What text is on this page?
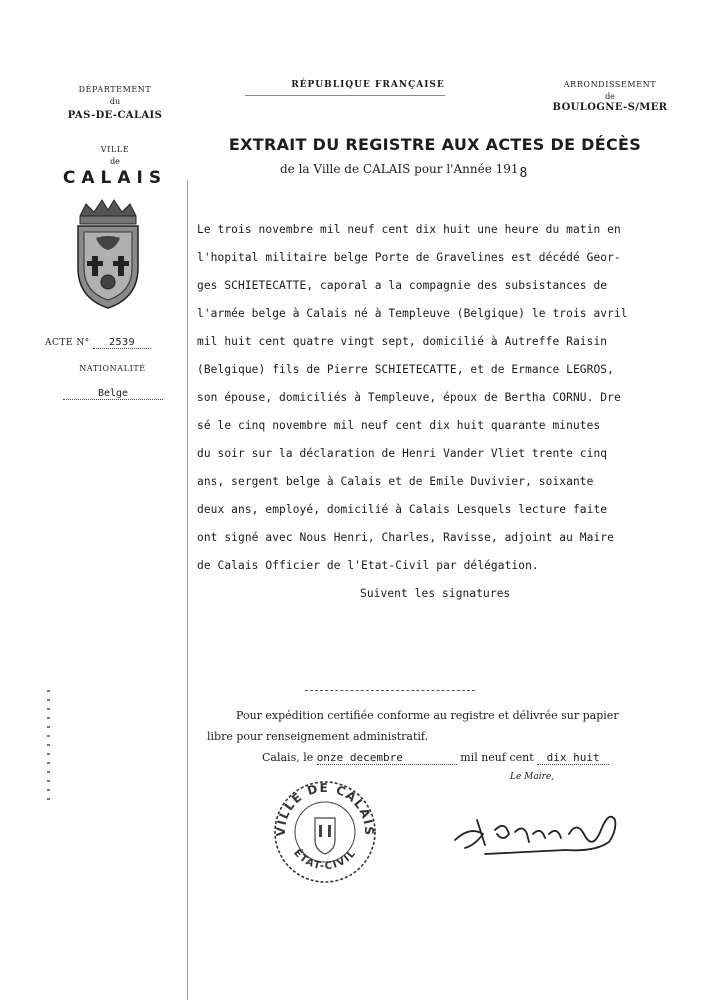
DÉPARTEMENT
du
PAS-DE-CALAIS
VILLE
de
CALAIS
RÉPUBLIQUE FRANÇAISE
EXTRAIT DU REGISTRE AUX ACTES DE DÉCÈS
de la Ville de CALAIS pour l'Année 1918
ARRONDISSEMENT
de
BOULOGNE-S/MER
ACTE N° 2539
NATIONALITÉ
Belge
Le trois novembre mil neuf cent dix huit une heure du matin en
l'hopital militaire belge Porte de Gravelines est décédé Geor-
ges SCHIETECATTE, caporal a la compagnie des subsistances de
l'armée belge à Calais né à Templeuve (Belgique) le trois avril
mil huit cent quatre vingt sept, domicilié à Autreffe Raisin
(Belgique) fils de Pierre SCHIETECATTE, et de Ermance LEGROS,
son épouse, domiciliés à Templeuve, époux de Bertha CORNU. Dre
sé le cinq novembre mil neuf cent dix huit quarante minutes
du soir sur la déclaration de Henri Vander Vliet trente cinq
ans, sergent belge à Calais et de Emile Duvivier, soixante
deux ans, employé, domicilié à Calais Lesquels lecture faite
ont signé avec Nous Henri, Charles, Ravisse, adjoint au Maire
de Calais Officier de l'Etat-Civil par délégation.
Suivent les signatures
Pour expédition certifiée conforme au registre et délivrée sur papier
libre pour renseignement administratif.
Calais, le onze decembre	mil neuf cent dix huit
Le Maire,
VILLE DE CALAIS
ÉTAT-CIVIL
